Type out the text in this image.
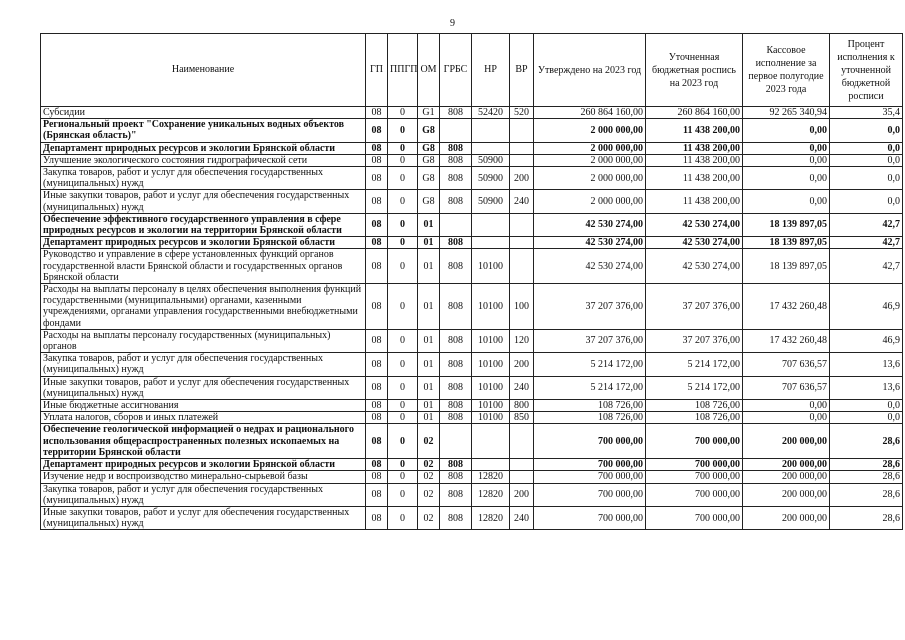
9
Наименование	ГП	ППГП	ОМ	ГРБС	НР	ВР	Утверждено на 2023 год	Уточненная бюджетная роспись на 2023 год	Кассовое исполнение за первое полугодие 2023 года	Процент исполнения к уточненной бюджетной росписи
Субсидии	08	0	G1	808	52420	520	260 864 160,00	260 864 160,00	92 265 340,94	35,4
Региональный проект "Сохранение уникальных водных объектов (Брянская область)"	08	0	G8				2 000 000,00	11 438 200,00	0,00	0,0
Департамент природных ресурсов и экологии Брянской области	08	0	G8	808			2 000 000,00	11 438 200,00	0,00	0,0
Улучшение экологического состояния гидрографической сети	08	0	G8	808	50900		2 000 000,00	11 438 200,00	0,00	0,0
Закупка товаров, работ и услуг для обеспечения государственных (муниципальных) нужд	08	0	G8	808	50900	200	2 000 000,00	11 438 200,00	0,00	0,0
Иные закупки товаров, работ и услуг для обеспечения государственных (муниципальных) нужд	08	0	G8	808	50900	240	2 000 000,00	11 438 200,00	0,00	0,0
Обеспечение эффективного государственного управления в сфере природных ресурсов и экологии на территории Брянской области	08	0	01				42 530 274,00	42 530 274,00	18 139 897,05	42,7
Департамент природных ресурсов и экологии Брянской области	08	0	01	808			42 530 274,00	42 530 274,00	18 139 897,05	42,7
Руководство и управление в сфере установленных функций органов государственной власти Брянской области и государственных органов Брянской области	08	0	01	808	10100		42 530 274,00	42 530 274,00	18 139 897,05	42,7
Расходы на выплаты персоналу в целях обеспечения выполнения функций государственными (муниципальными) органами, казенными учреждениями, органами управления государственными внебюджетными фондами	08	0	01	808	10100	100	37 207 376,00	37 207 376,00	17 432 260,48	46,9
Расходы на выплаты персоналу государственных (муниципальных) органов	08	0	01	808	10100	120	37 207 376,00	37 207 376,00	17 432 260,48	46,9
Закупка товаров, работ и услуг для обеспечения государственных (муниципальных) нужд	08	0	01	808	10100	200	5 214 172,00	5 214 172,00	707 636,57	13,6
Иные закупки товаров, работ и услуг для обеспечения государственных (муниципальных) нужд	08	0	01	808	10100	240	5 214 172,00	5 214 172,00	707 636,57	13,6
Иные бюджетные ассигнования	08	0	01	808	10100	800	108 726,00	108 726,00	0,00	0,0
Уплата налогов, сборов и иных платежей	08	0	01	808	10100	850	108 726,00	108 726,00	0,00	0,0
Обеспечение геологической информацией о недрах и рационального использования общераспространенных полезных ископаемых на территории Брянской области	08	0	02				700 000,00	700 000,00	200 000,00	28,6
Департамент природных ресурсов и экологии Брянской области	08	0	02	808			700 000,00	700 000,00	200 000,00	28,6
Изучение недр и воспроизводство минерально-сырьевой базы	08	0	02	808	12820		700 000,00	700 000,00	200 000,00	28,6
Закупка товаров, работ и услуг для обеспечения государственных (муниципальных) нужд	08	0	02	808	12820	200	700 000,00	700 000,00	200 000,00	28,6
Иные закупки товаров, работ и услуг для обеспечения государственных (муниципальных) нужд	08	0	02	808	12820	240	700 000,00	700 000,00	200 000,00	28,6
